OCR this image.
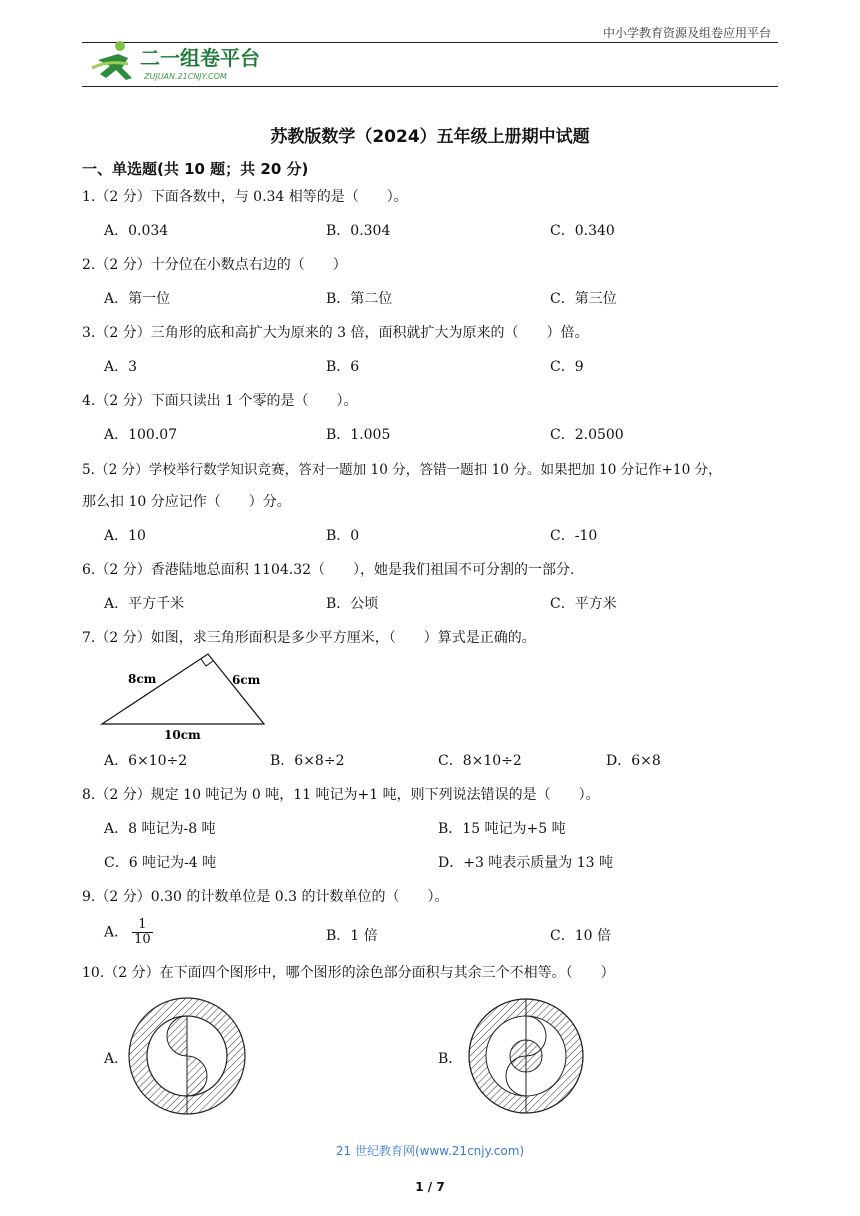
中小学教育资源及组卷应用平台
二一组卷平台
ZUJUAN.21CNJY.COM
苏教版数学（2024）五年级上册期中试题
一、单选题(共 10 题；共 20 分)
1.（2 分）下面各数中，与 0.34 相等的是（　　）。
A．0.034	B．0.304	C．0.340
2.（2 分）十分位在小数点右边的（　　）
A．第一位	B．第二位	C．第三位
3.（2 分）三角形的底和高扩大为原来的 3 倍，面积就扩大为原来的（　　）倍。
A．3	B．6	C．9
4.（2 分）下面只读出 1 个零的是（　　）。
A．100.07	B．1.005	C．2.0500
5.（2 分）学校举行数学知识竞赛，答对一题加 10 分，答错一题扣 10 分。如果把加 10 分记作+10 分，
那么扣 10 分应记作（　　）分。
A．10	B．0	C．-10
6.（2 分）香港陆地总面积 1104.32（　　），她是我们祖国不可分割的一部分.
A．平方千米	B．公顷	C．平方米
7.（2 分）如图，求三角形面积是多少平方厘米，（　　）算式是正确的。
8cm	6cm
10cm
A．6×10÷2	B．6×8÷2	C．8×10÷2	D．6×8
8.（2 分）规定 10 吨记为 0 吨，11 吨记为+1 吨，则下列说法错误的是（　　）。
A．8 吨记为-8 吨	B．15 吨记为+5 吨
C．6 吨记为-4 吨	D．+3 吨表示质量为 13 吨
9.（2 分）0.30 的计数单位是 0.3 的计数单位的（　　）。
A． $\frac{1}{10}$	B．1 倍	C．10 倍
10.（2 分）在下面四个图形中，哪个图形的涂色部分面积与其余三个不相等。（　　）
A．	B．
21 世纪教育网(www.21cnjy.com)
1 / 7
